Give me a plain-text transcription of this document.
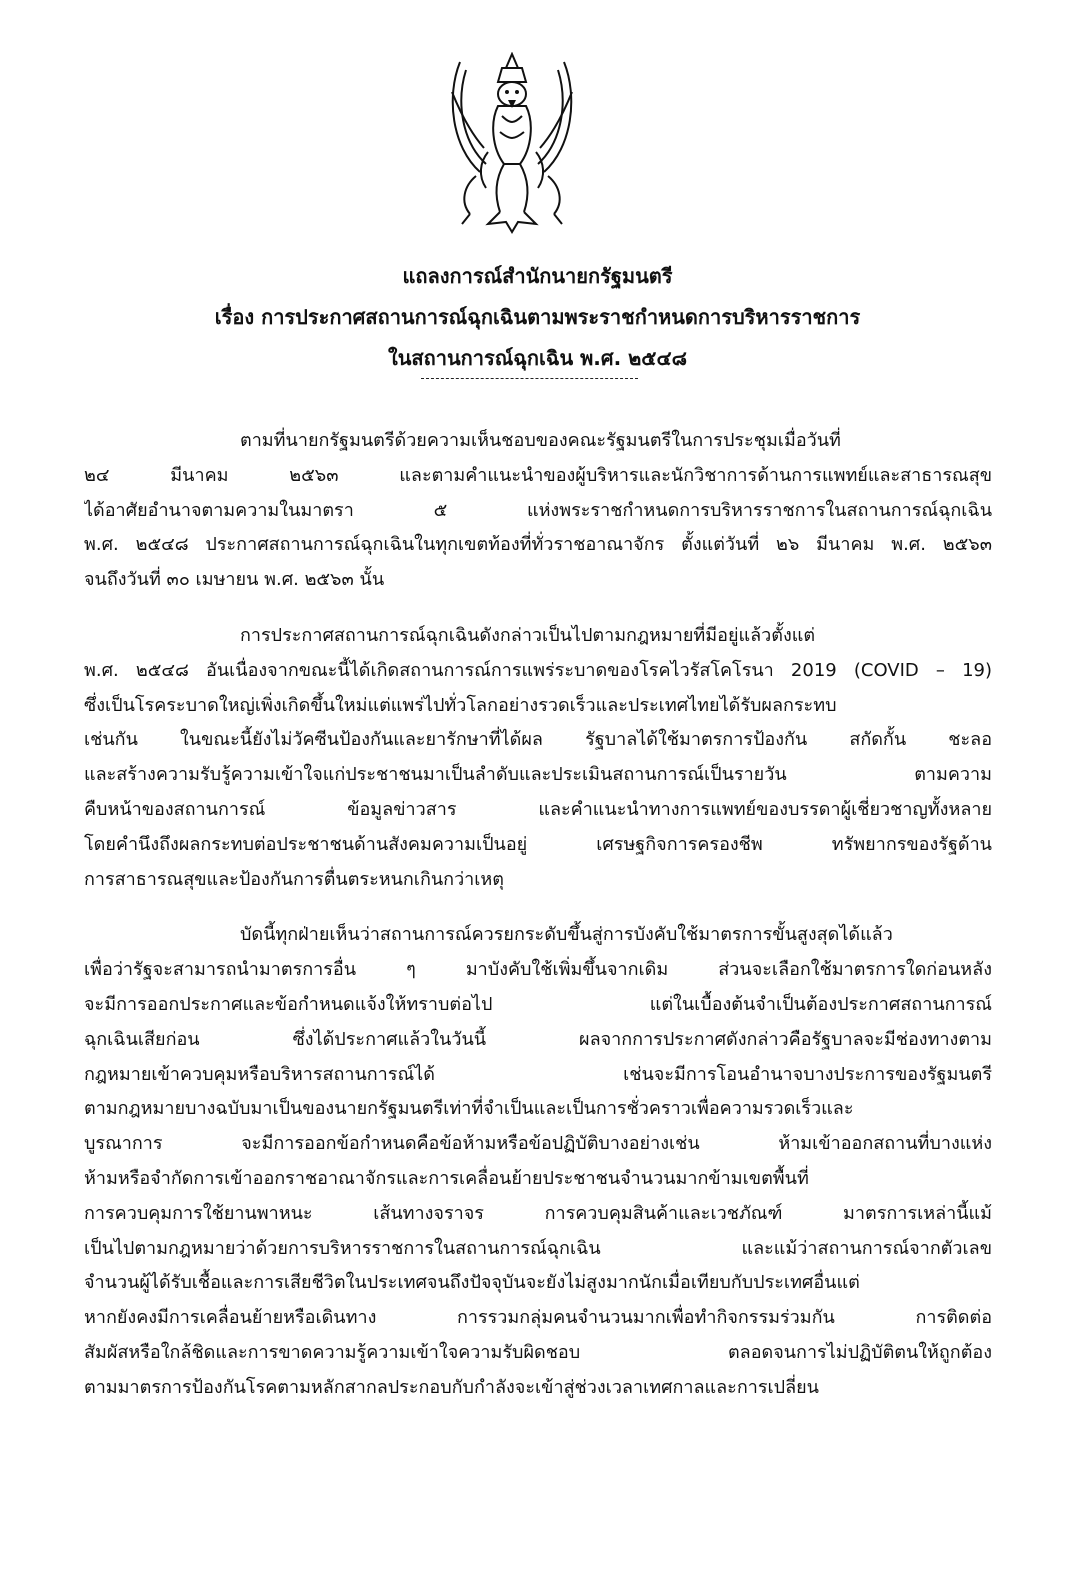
แถลงการณ์สำนักนายกรัฐมนตรี
เรื่อง การประกาศสถานการณ์ฉุกเฉินตามพระราชกำหนดการบริหารราชการ
ในสถานการณ์ฉุกเฉิน พ.ศ. ๒๕๔๘
ตามที่นายกรัฐมนตรีด้วยความเห็นชอบของคณะรัฐมนตรีในการประชุมเมื่อวันที่
๒๔ มีนาคม ๒๕๖๓ และตามคำแนะนำของผู้บริหารและนักวิชาการด้านการแพทย์และสาธารณสุข
ได้อาศัยอำนาจตามความในมาตรา ๕ แห่งพระราชกำหนดการบริหารราชการในสถานการณ์ฉุกเฉิน
พ.ศ. ๒๕๔๘ ประกาศสถานการณ์ฉุกเฉินในทุกเขตท้องที่ทั่วราชอาณาจักร ตั้งแต่วันที่ ๒๖ มีนาคม พ.ศ. ๒๕๖๓
จนถึงวันที่ ๓๐ เมษายน พ.ศ. ๒๕๖๓ นั้น
การประกาศสถานการณ์ฉุกเฉินดังกล่าวเป็นไปตามกฎหมายที่มีอยู่แล้วตั้งแต่
พ.ศ. ๒๕๔๘ อันเนื่องจากขณะนี้ได้เกิดสถานการณ์การแพร่ระบาดของโรคไวรัสโคโรนา 2019 (COVID – 19)
ซึ่งเป็นโรคระบาดใหญ่เพิ่งเกิดขึ้นใหม่แต่แพร่ไปทั่วโลกอย่างรวดเร็วและประเทศไทยได้รับผลกระทบ
เช่นกัน ในขณะนี้ยังไม่วัคซีนป้องกันและยารักษาที่ได้ผล รัฐบาลได้ใช้มาตรการป้องกัน สกัดกั้น ชะลอ
และสร้างความรับรู้ความเข้าใจแก่ประชาชนมาเป็นลำดับและประเมินสถานการณ์เป็นรายวัน ตามความ
คืบหน้าของสถานการณ์ ข้อมูลข่าวสาร และคำแนะนำทางการแพทย์ของบรรดาผู้เชี่ยวชาญทั้งหลาย
โดยคำนึงถึงผลกระทบต่อประชาชนด้านสังคมความเป็นอยู่ เศรษฐกิจการครองชีพ ทรัพยากรของรัฐด้าน
การสาธารณสุขและป้องกันการตื่นตระหนกเกินกว่าเหตุ
บัดนี้ทุกฝ่ายเห็นว่าสถานการณ์ควรยกระดับขึ้นสู่การบังคับใช้มาตรการขั้นสูงสุดได้แล้ว
เพื่อว่ารัฐจะสามารถนำมาตรการอื่น ๆ มาบังคับใช้เพิ่มขึ้นจากเดิม ส่วนจะเลือกใช้มาตรการใดก่อนหลัง
จะมีการออกประกาศและข้อกำหนดแจ้งให้ทราบต่อไป แต่ในเบื้องต้นจำเป็นต้องประกาศสถานการณ์
ฉุกเฉินเสียก่อน ซึ่งได้ประกาศแล้วในวันนี้ ผลจากการประกาศดังกล่าวคือรัฐบาลจะมีช่องทางตาม
กฎหมายเข้าควบคุมหรือบริหารสถานการณ์ได้ เช่นจะมีการโอนอำนาจบางประการของรัฐมนตรี
ตามกฎหมายบางฉบับมาเป็นของนายกรัฐมนตรีเท่าที่จำเป็นและเป็นการชั่วคราวเพื่อความรวดเร็วและ
บูรณาการ จะมีการออกข้อกำหนดคือข้อห้ามหรือข้อปฏิบัติบางอย่างเช่น ห้ามเข้าออกสถานที่บางแห่ง
ห้ามหรือจำกัดการเข้าออกราชอาณาจักรและการเคลื่อนย้ายประชาชนจำนวนมากข้ามเขตพื้นที่
การควบคุมการใช้ยานพาหนะ เส้นทางจราจร การควบคุมสินค้าและเวชภัณฑ์ มาตรการเหล่านี้แม้
เป็นไปตามกฎหมายว่าด้วยการบริหารราชการในสถานการณ์ฉุกเฉิน และแม้ว่าสถานการณ์จากตัวเลข
จำนวนผู้ได้รับเชื้อและการเสียชีวิตในประเทศจนถึงปัจจุบันจะยังไม่สูงมากนักเมื่อเทียบกับประเทศอื่นแต่
หากยังคงมีการเคลื่อนย้ายหรือเดินทาง การรวมกลุ่มคนจำนวนมากเพื่อทำกิจกรรมร่วมกัน การติดต่อ
สัมผัสหรือใกล้ชิดและการขาดความรู้ความเข้าใจความรับผิดชอบ ตลอดจนการไม่ปฏิบัติตนให้ถูกต้อง
ตามมาตรการป้องกันโรคตามหลักสากลประกอบกับกำลังจะเข้าสู่ช่วงเวลาเทศกาลและการเปลี่ยน
